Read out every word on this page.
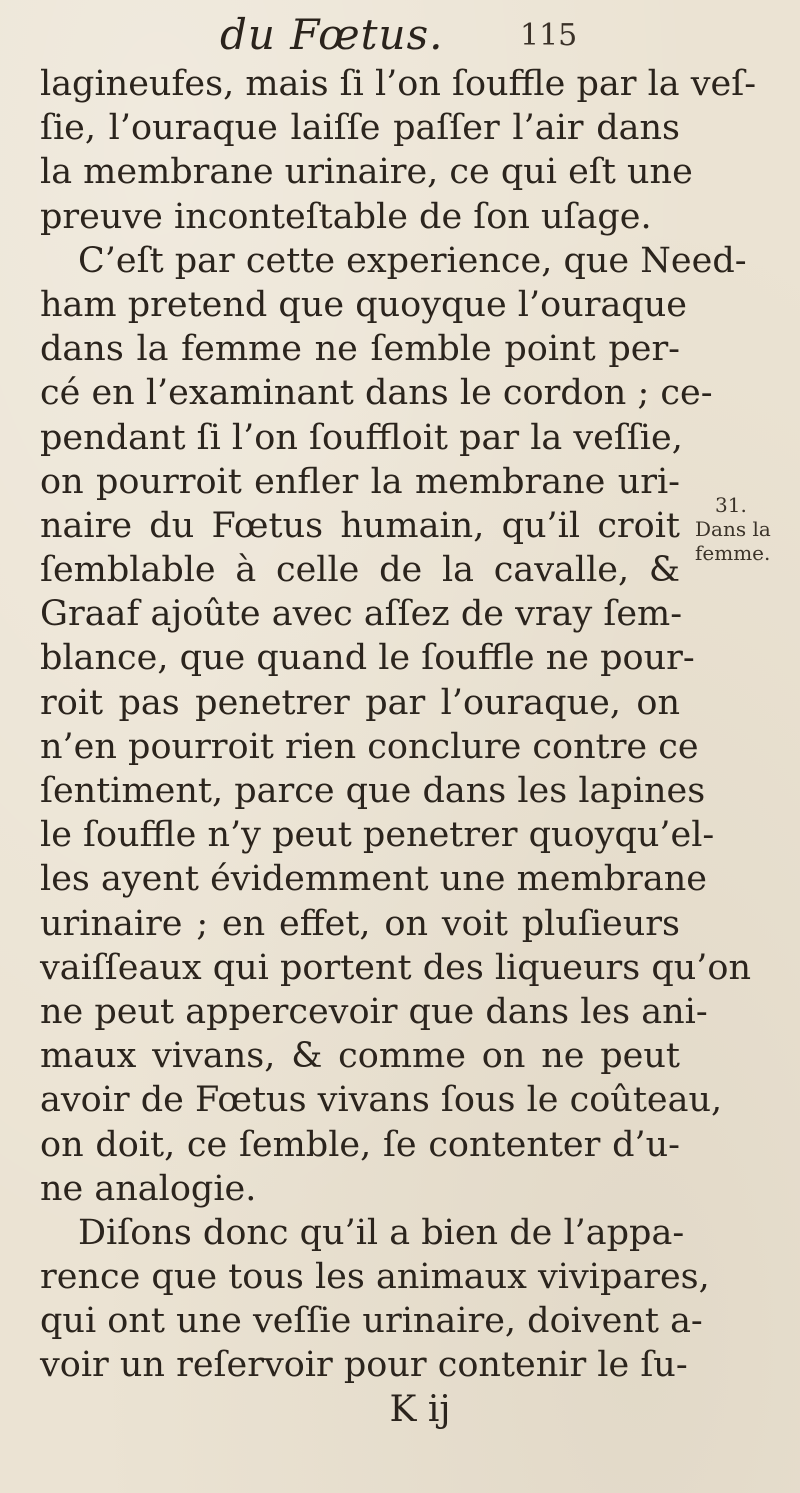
du Fœtus.	115
lagineufes, mais ſi l’on ſouffle par la veſ-
ſie, l’ouraque laiſſe paſſer l’air dans
la membrane urinaire, ce qui eſt une
preuve inconteſtable de ſon uſage.
C’eſt par cette experience, que Need-
ham pretend que quoyque l’ouraque
dans la femme ne ſemble point per-
cé en l’examinant dans le cordon ; ce-
pendant ſi l’on ſouffloit par la veſſie,
on pourroit enfler la membrane uri-
naire du Fœtus humain, qu’il croit
ſemblable à celle de la cavalle, &
Graaf ajoûte avec aſſez de vray ſem-
blance, que quand le ſouffle ne pour-
roit pas penetrer par l’ouraque, on
n’en pourroit rien conclure contre ce
ſentiment, parce que dans les lapines
le ſouffle n’y peut penetrer quoyqu’el-
les ayent évidemment une membrane
urinaire ; en effet, on voit pluſieurs
vaiſſeaux qui portent des liqueurs qu’on
ne peut appercevoir que dans les ani-
maux vivans, & comme on ne peut
avoir de Fœtus vivans ſous le coûteau,
on doit, ce ſemble, ſe contenter d’u-
ne analogie.
Diſons donc qu’il a bien de l’appa-
rence que tous les animaux vivipares,
qui ont une veſſie urinaire, doivent a-
voir un reſervoir pour contenir le ſu-
K ij
31.
Dans la
femme.
